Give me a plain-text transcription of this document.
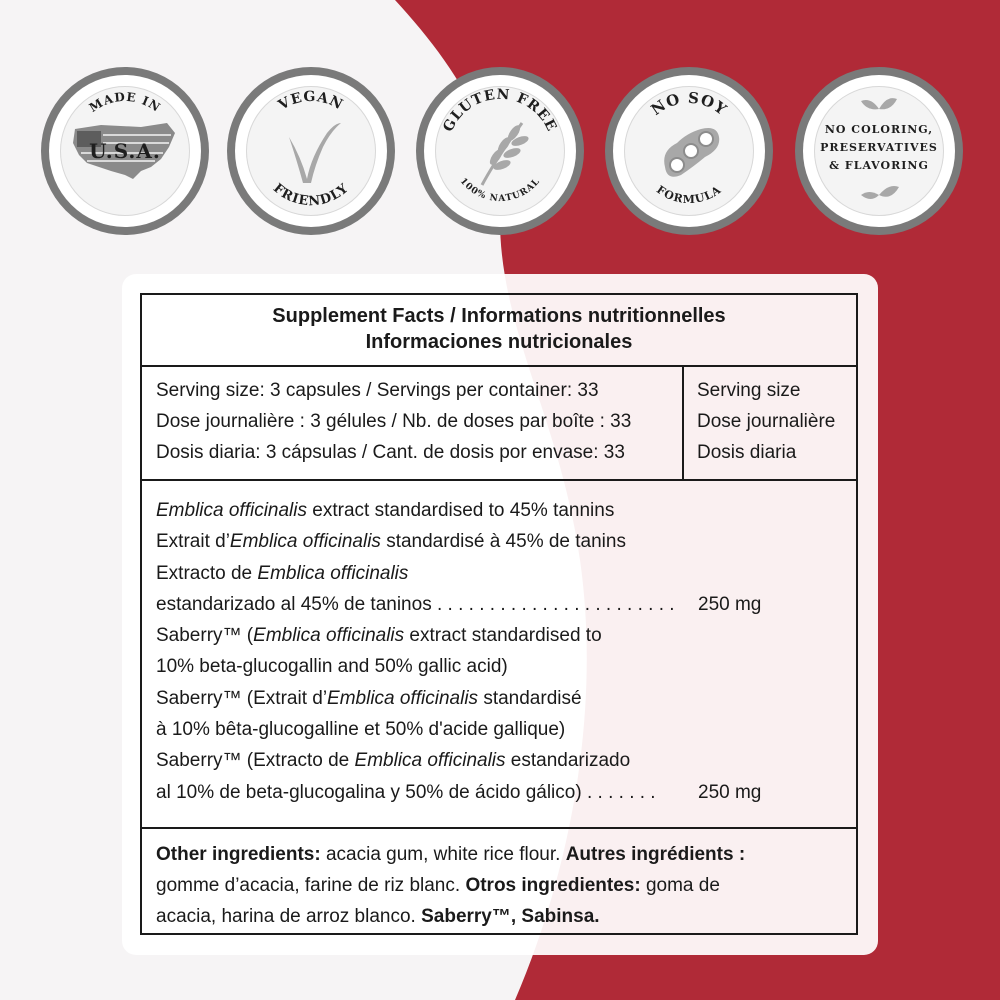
MADE IN
U.S.A.
VEGAN
FRIENDLY
GLUTEN FREE
100% NATURAL
NO SOY
FORMULA
NO COLORING,
PRESERVATIVES
& FLAVORING
Supplement Facts / Informations nutritionnelles
Informaciones nutricionales
Serving size: 3 capsules / Servings per container: 33
Dose journalière : 3 gélules / Nb. de doses par boîte : 33
Dosis diaria: 3 cápsulas / Cant. de dosis por envase: 33
Serving size
Dose journalière
Dosis diaria
Emblica officinalis extract standardised to 45% tannins
Extrait d’Emblica officinalis standardisé à 45% de tanins
Extracto de Emblica officinalis
estandarizado al 45% de taninos . . . . . . . . . . . . . . . . . . . . . . . 250 mg
Saberry™ (Emblica officinalis extract standardised to
10% beta-glucogallin and 50% gallic acid)
Saberry™ (Extrait d’Emblica officinalis standardisé
à 10% bêta-glucogalline et 50% d'acide gallique)
Saberry™ (Extracto de Emblica officinalis estandarizado
al 10% de beta-glucogalina y 50% de ácido gálico) . . . . . . . 250 mg
Other ingredients: acacia gum, white rice flour. Autres ingrédients :
gomme d’acacia, farine de riz blanc. Otros ingredientes: goma de
acacia, harina de arroz blanco. Saberry™, Sabinsa.
